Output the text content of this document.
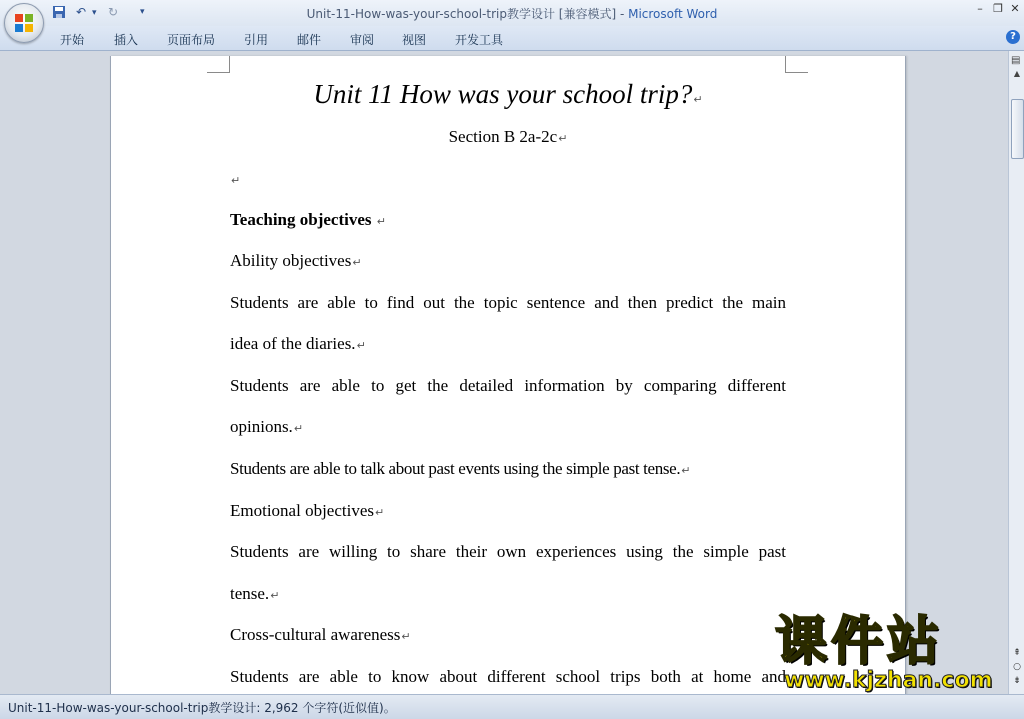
↶ ▾ ↻ ▾	Unit-11-How-was-your-school-trip教学设计 [兼容模式] - Microsoft Word	– ❐ ✕
开始 插入 页面布局 引用 邮件 审阅 视图 开发工具	?
Unit 11 How was your school trip?↵
Section B 2a-2c↵
↵
Teaching objectives ↵
Ability objectives↵
Students are able to find out the topic sentence and then predict the main
idea of the diaries.↵
Students are able to get the detailed information by comparing different
opinions.↵
Students are able to talk about past events using the simple past tense.↵
Emotional objectives↵
Students are willing to share their own experiences using the simple past
tense.↵
Cross-cultural awareness↵
Students are able to know about different school trips both at home and
▤
▲
⇞
○
⇟
课件站
www.kjzhan.com
Unit-11-How-was-your-school-trip教学设计: 2,962 个字符(近似值)。
